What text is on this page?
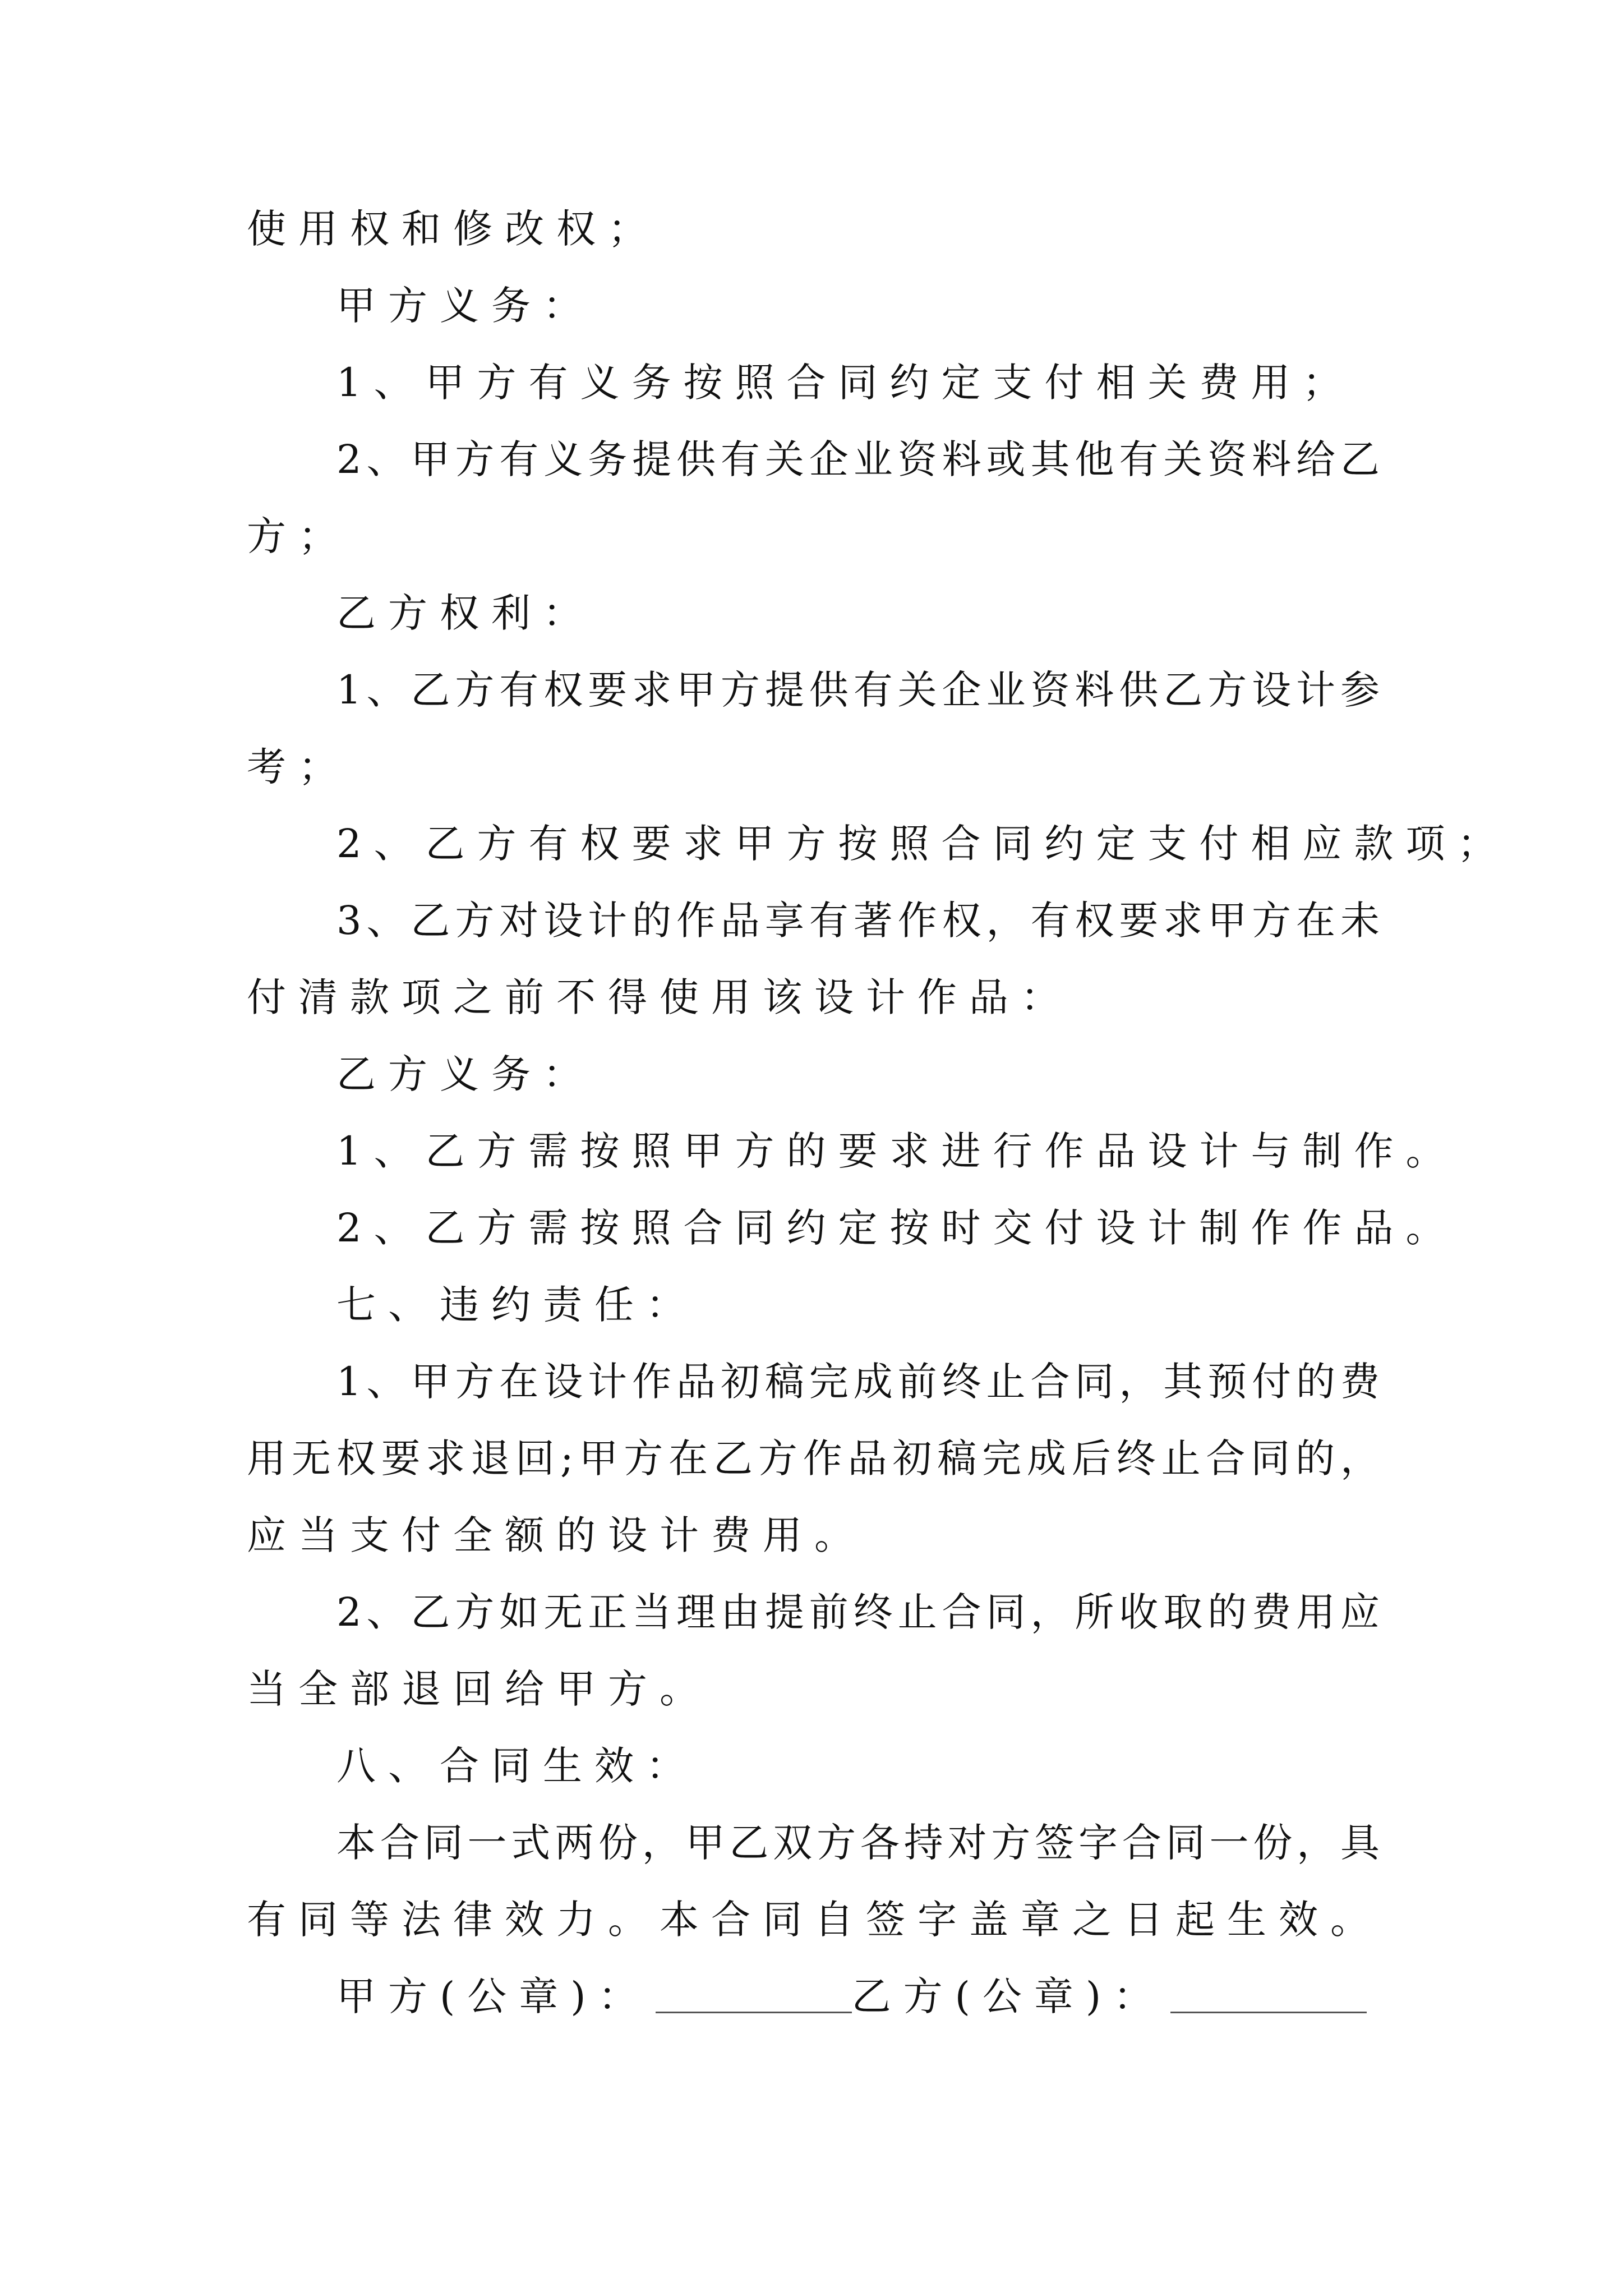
使用权和修改权；
甲方义务：
1、甲方有义务按照合同约定支付相关费用；
2、甲方有义务提供有关企业资料或其他有关资料给乙
方；
乙方权利：
1、乙方有权要求甲方提供有关企业资料供乙方设计参
考；
2、乙方有权要求甲方按照合同约定支付相应款项；
3、乙方对设计的作品享有著作权，有权要求甲方在未
付清款项之前不得使用该设计作品：
乙方义务：
1、乙方需按照甲方的要求进行作品设计与制作。
2、乙方需按照合同约定按时交付设计制作作品。
七、违约责任：
1、甲方在设计作品初稿完成前终止合同，其预付的费
用无权要求退回;甲方在乙方作品初稿完成后终止合同的，
应当支付全额的设计费用。
2、乙方如无正当理由提前终止合同，所收取的费用应
当全部退回给甲方。
八、合同生效：
本合同一式两份，甲乙双方各持对方签字合同一份，具
有同等法律效力。本合同自签字盖章之日起生效。
甲方(公章)：	乙方(公章)：
